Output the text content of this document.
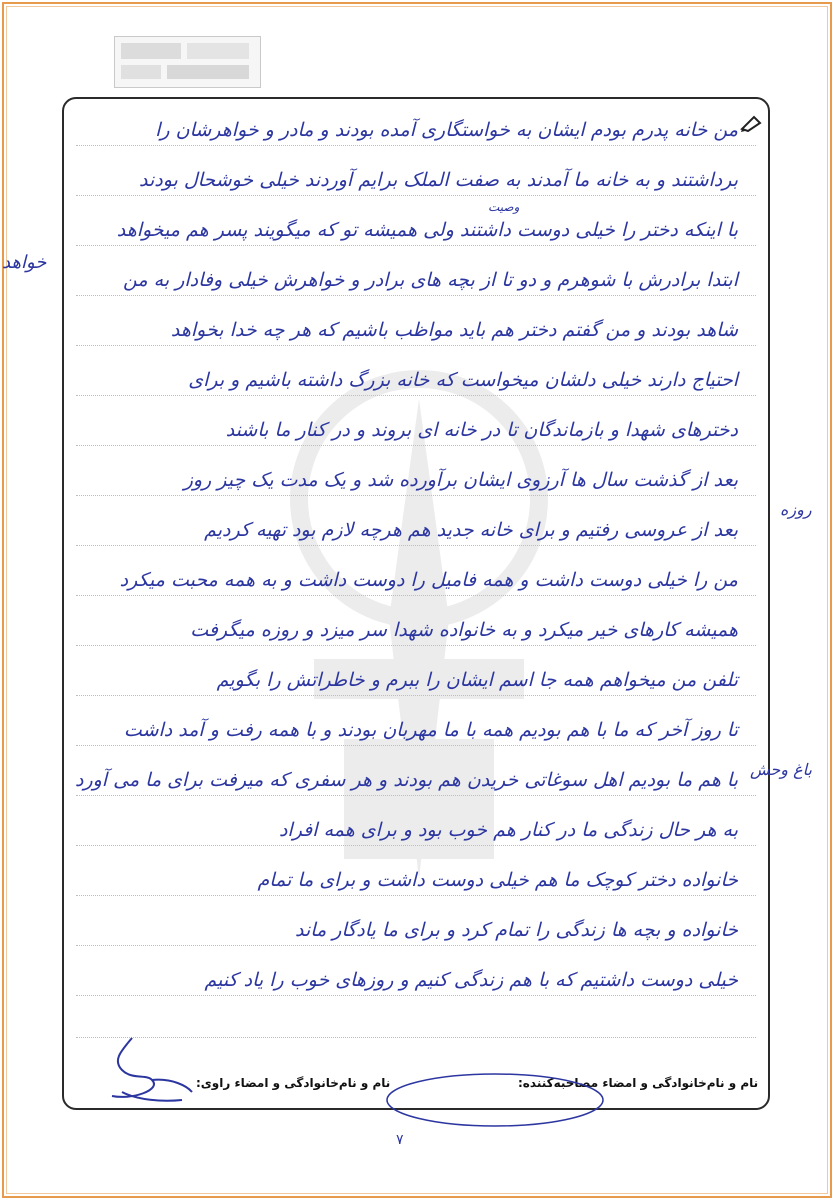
من خانه پدرم بودم ایشان به خواستگاری آمده بودند و مادر و خواهرشان را
برداشتند و به خانه ما آمدند به صفت الملک برایم آوردند خیلی خوشحال بودند
با اینکه دختر را خیلی دوست داشتند ولی همیشه تو که میگویند پسر هم میخواهد
ابتدا برادرش با شوهرم و دو تا از بچه های برادر و خواهرش خیلی وفادار به من
شاهد بودند و من گفتم دختر هم باید مواظب باشیم که هر چه خدا بخواهد
احتیاج دارند خیلی دلشان میخواست که خانه بزرگ داشته باشیم و برای
دخترهای شهدا و بازماندگان تا در خانه ای بروند و در کنار ما باشند
بعد از گذشت سال ها آرزوی ایشان برآورده شد و یک مدت یک چیز روز
بعد از عروسی رفتیم و برای خانه جدید هم هرچه لازم بود تهیه کردیم
من را خیلی دوست داشت و همه فامیل را دوست داشت و به همه محبت میکرد
همیشه کارهای خیر میکرد و به خانواده شهدا سر میزد و روزه میگرفت
تلفن من میخواهم همه جا اسم ایشان را ببرم و خاطراتش را بگویم
تا روز آخر که ما با هم بودیم همه با ما مهربان بودند و با همه رفت و آمد داشت
با هم ما بودیم اهل سوغاتی خریدن هم بودند و هر سفری که میرفت برای ما می آورد
به هر حال زندگی ما در کنار هم خوب بود و برای همه افراد
خانواده دختر کوچک ما هم خیلی دوست داشت و برای ما تمام
خانواده و بچه ها زندگی را تمام کرد و برای ما یادگار ماند
خیلی دوست داشتیم که با هم زندگی کنیم و روزهای خوب را یاد کنیم
وصیت
خواهد
روزه
باغ وحش
نام و نام‌خانوادگی و امضاء مصاحبه‌کننده:
نام و نام‌خانوادگی و امضاء راوی:
۷
